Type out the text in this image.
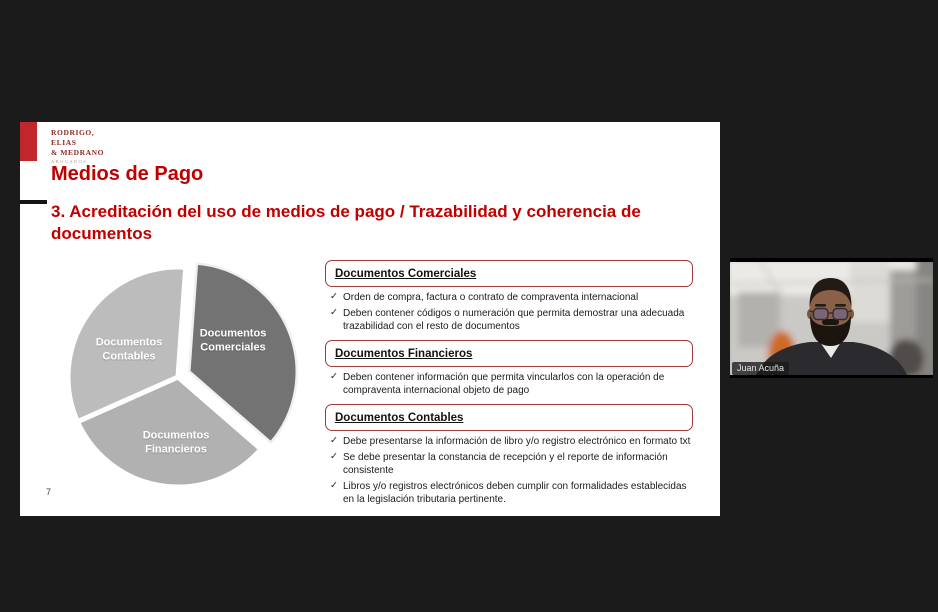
RODRIGO,
ELIAS
& MEDRANO
ABOGADOS
Medios de Pago
3. Acreditación del uso de medios de pago / Trazabilidad y coherencia de documentos
Documentos Comerciales
Documentos Contables
Documentos Financieros
7
Documentos Comerciales
✓ Orden de compra, factura o contrato de compraventa internacional
✓ Deben contener códigos o numeración que permita demostrar una adecuada trazabilidad con el resto de documentos
Documentos Financieros
✓ Deben contener información que permita vincularlos con la operación de compraventa internacional objeto de pago
Documentos Contables
✓ Debe presentarse la información de libro y/o registro electrónico en formato txt
✓ Se debe presentar la constancia de recepción y el reporte de información consistente
✓ Libros y/o registros electrónicos deben cumplir con formalidades establecidas en la legislación tributaria pertinente.
Juan Acuña
